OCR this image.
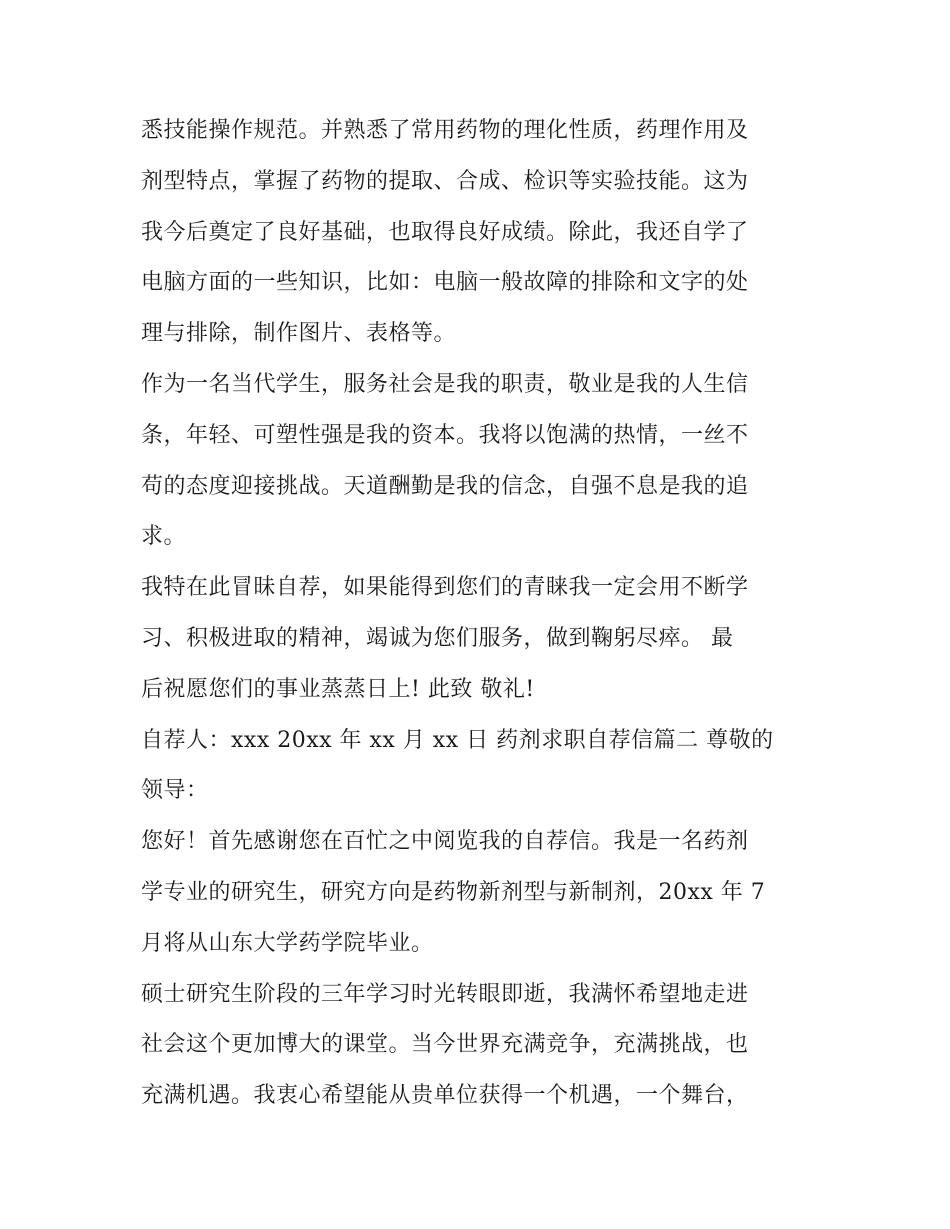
悉技能操作规范。并熟悉了常用药物的理化性质，药理作用及
剂型特点，掌握了药物的提取、合成、检识等实验技能。这为
我今后奠定了良好基础，也取得良好成绩。除此，我还自学了
电脑方面的一些知识，比如：电脑一般故障的排除和文字的处
理与排除，制作图片、表格等。
作为一名当代学生，服务社会是我的职责，敬业是我的人生信
条，年轻、可塑性强是我的资本。我将以饱满的热情，一丝不
苟的态度迎接挑战。天道酬勤是我的信念，自强不息是我的追
求。
我特在此冒昧自荐，如果能得到您们的青睐我一定会用不断学
习、积极进取的精神，竭诚为您们服务，做到鞠躬尽瘁。 最
后祝愿您们的事业蒸蒸日上! 此致 敬礼!
自荐人：xxx 20xx 年 xx 月 xx 日 药剂求职自荐信篇二 尊敬的
领导：
您好！首先感谢您在百忙之中阅览我的自荐信。我是一名药剂
学专业的研究生，研究方向是药物新剂型与新制剂，20xx 年 7
月将从山东大学药学院毕业。
硕士研究生阶段的三年学习时光转眼即逝，我满怀希望地走进
社会这个更加博大的课堂。当今世界充满竞争，充满挑战，也
充满机遇。我衷心希望能从贵单位获得一个机遇，一个舞台，
